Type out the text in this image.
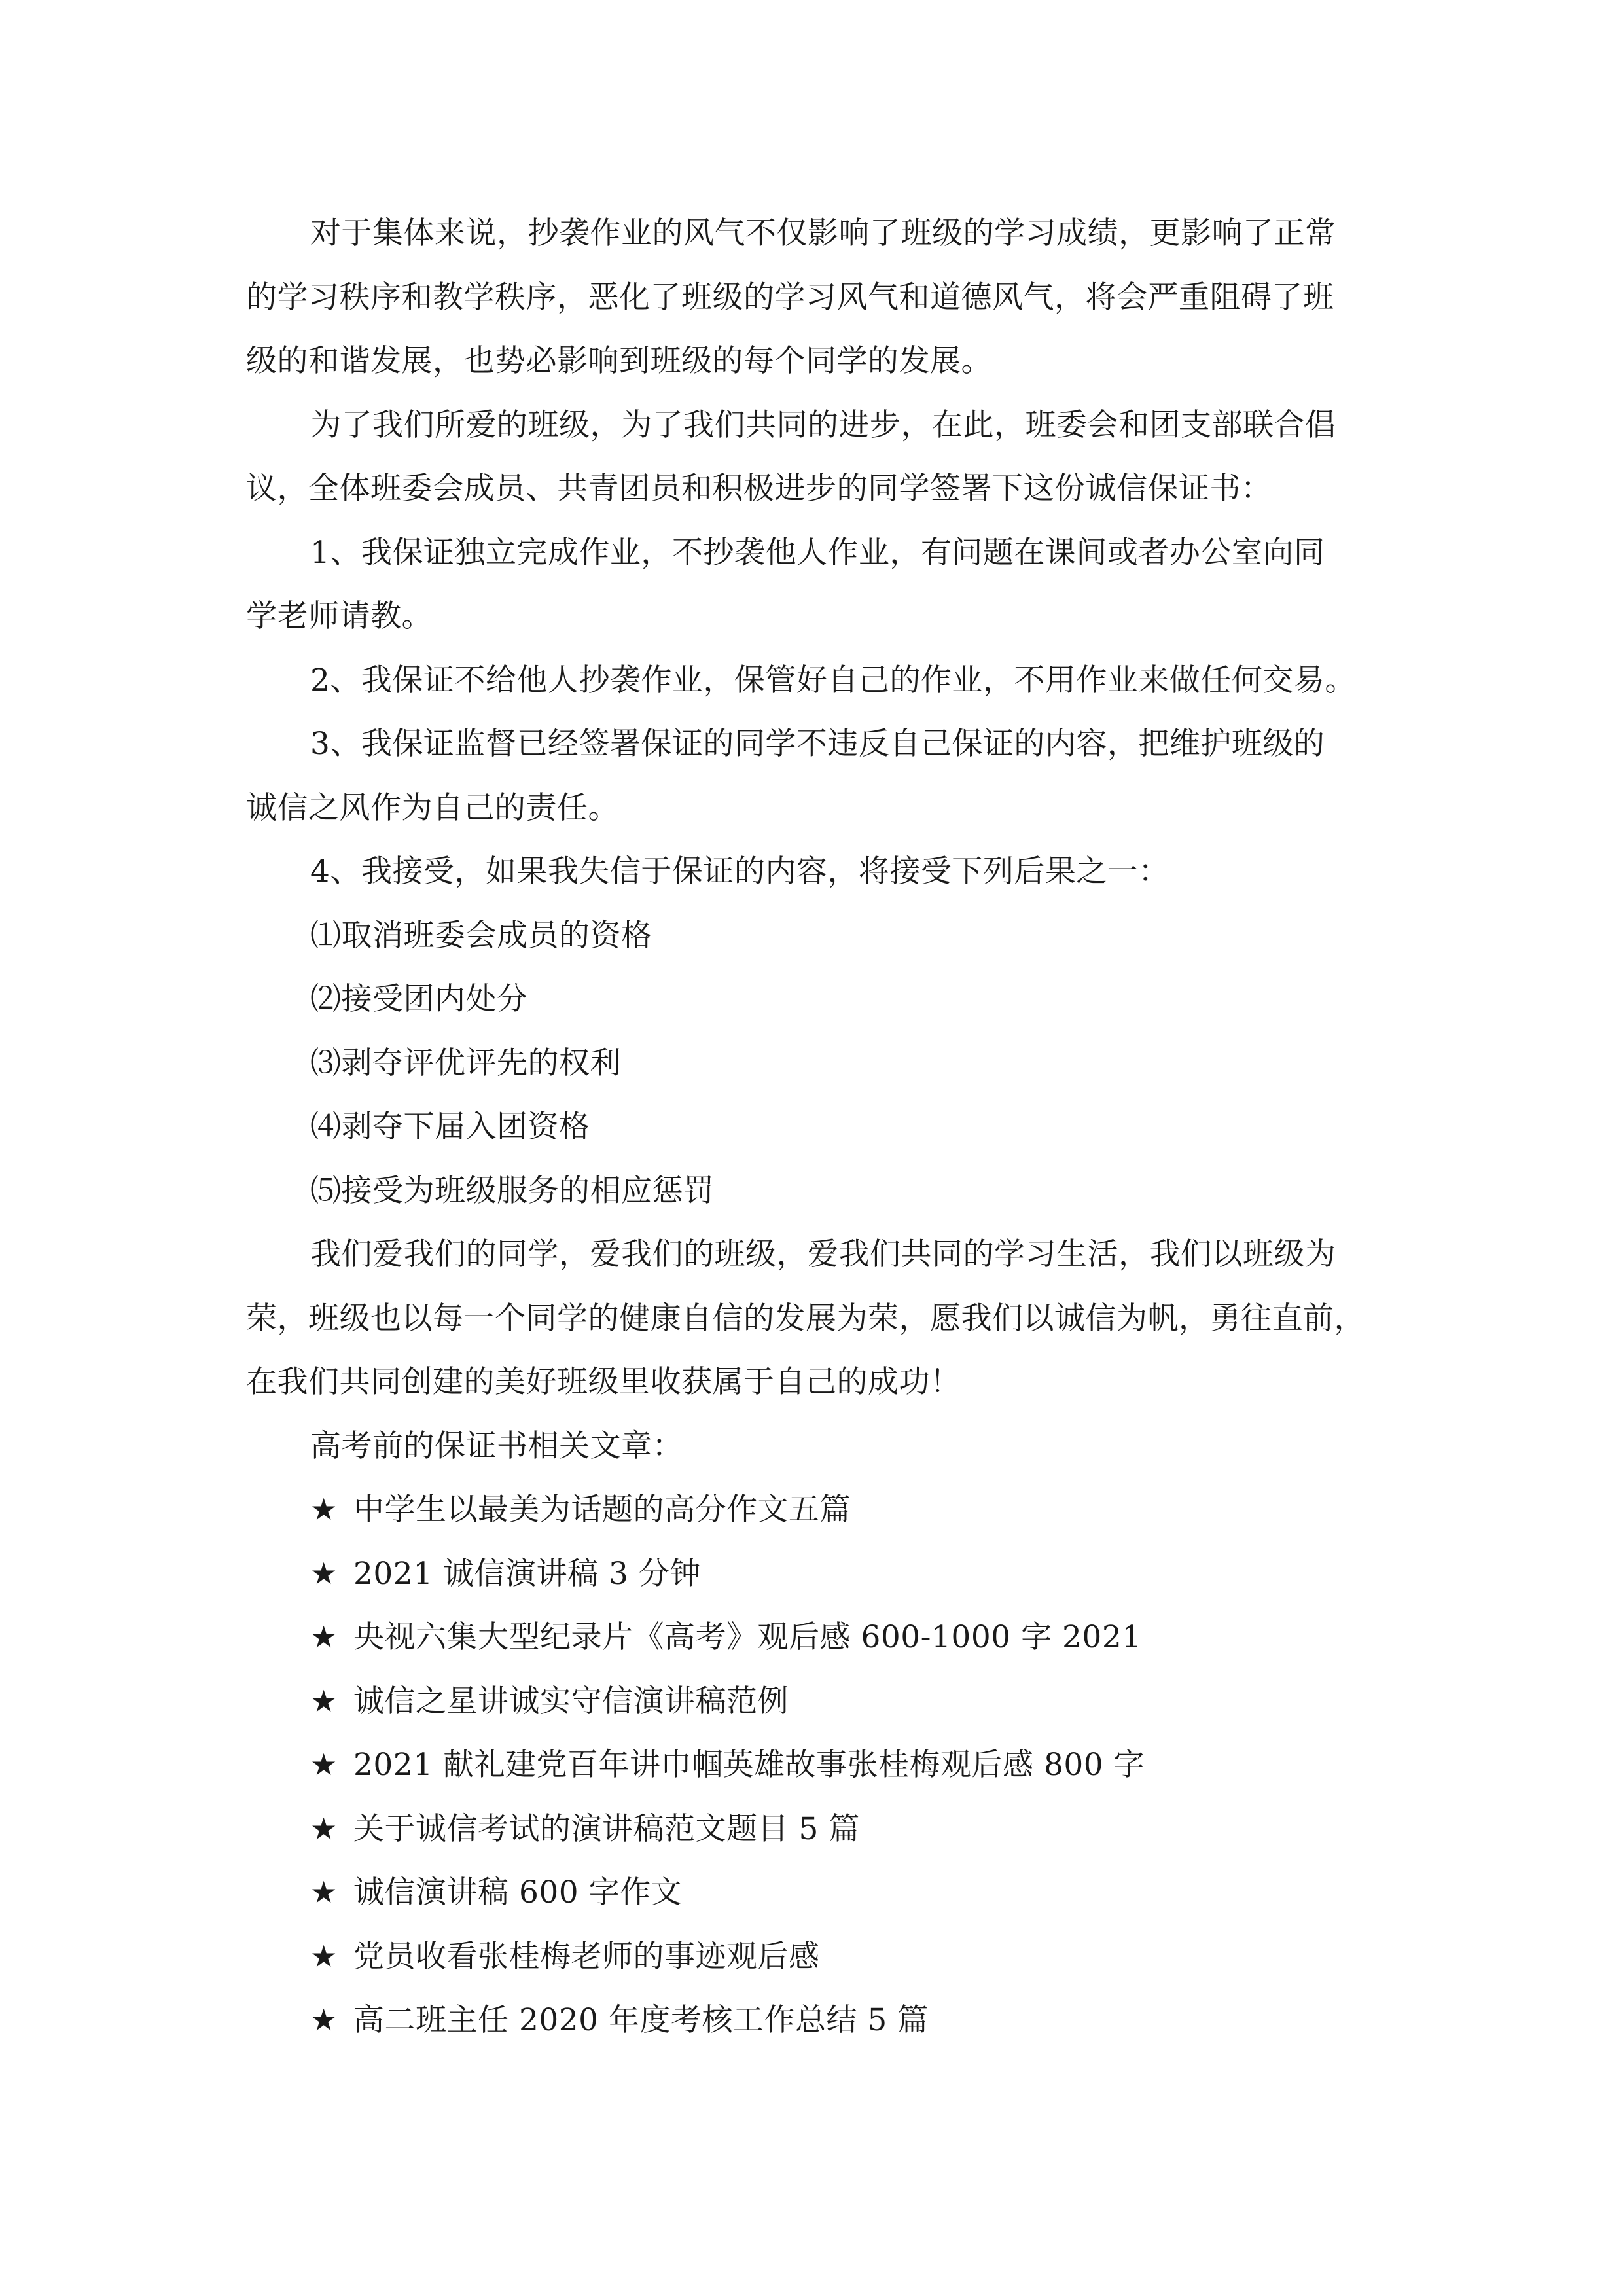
对于集体来说，抄袭作业的风气不仅影响了班级的学习成绩，更影响了正常
的学习秩序和教学秩序，恶化了班级的学习风气和道德风气，将会严重阻碍了班
级的和谐发展，也势必影响到班级的每个同学的发展。
为了我们所爱的班级，为了我们共同的进步，在此，班委会和团支部联合倡
议，全体班委会成员、共青团员和积极进步的同学签署下这份诚信保证书：
1、我保证独立完成作业，不抄袭他人作业，有问题在课间或者办公室向同
学老师请教。
2、我保证不给他人抄袭作业，保管好自己的作业，不用作业来做任何交易。
3、我保证监督已经签署保证的同学不违反自己保证的内容，把维护班级的
诚信之风作为自己的责任。
4、我接受，如果我失信于保证的内容，将接受下列后果之一：
⑴取消班委会成员的资格
⑵接受团内处分
⑶剥夺评优评先的权利
⑷剥夺下届入团资格
⑸接受为班级服务的相应惩罚
我们爱我们的同学，爱我们的班级，爱我们共同的学习生活，我们以班级为
荣，班级也以每一个同学的健康自信的发展为荣，愿我们以诚信为帆，勇往直前，
在我们共同创建的美好班级里收获属于自己的成功！
高考前的保证书相关文章：
★ 中学生以最美为话题的高分作文五篇
★ 2021 诚信演讲稿 3 分钟
★ 央视六集大型纪录片《高考》观后感 600-1000 字 2021
★ 诚信之星讲诚实守信演讲稿范例
★ 2021 献礼建党百年讲巾帼英雄故事张桂梅观后感 800 字
★ 关于诚信考试的演讲稿范文题目 5 篇
★ 诚信演讲稿 600 字作文
★ 党员收看张桂梅老师的事迹观后感
★ 高二班主任 2020 年度考核工作总结 5 篇
